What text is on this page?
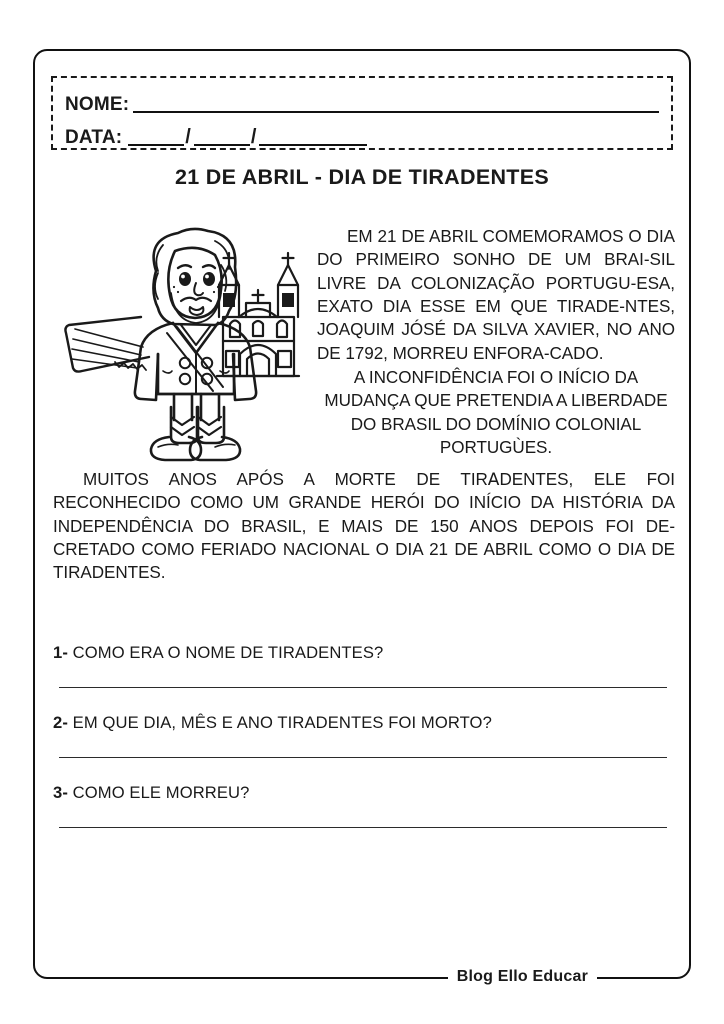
NOME:
DATA:	/	/
21 DE ABRIL - DIA DE TIRADENTES

EM 21 DE ABRIL COMEMORAMOS O DIA DO PRIMEIRO SONHO DE UM BRAI-SIL LIVRE DA COLONIZAÇÃO PORTUGU-ESA, EXATO DIA ESSE EM QUE TIRADE-NTES, JOAQUIM JÓSÉ DA SILVA XAVIER, NO ANO DE 1792, MORREU ENFORA-CADO.

A INCONFIDÊNCIA FOI O INÍCIO DA MUDANÇA QUE PRETENDIA A LIBERDADE DO BRASIL DO DOMÍNIO COLONIAL PORTUGÙES.

MUITOS ANOS APÓS A MORTE DE TIRꓮDENTES, ELE FOI RECONHECIDO COMO UM GRANDE HERÓI DO INÍCIO DA HISTÓRIA DA INDEPENDÊNCIA DO BRASIL, E MAIS DE 150 ANOS DEPOIS FOI DE-CRETADO COMO FERIADO NACIONAL O DIA 21 DE ABRIL COMO O DIA DE TIRADENTES.

1- COMO ERA O NOME DE TIRADENTES?

2- EM QUE DIA, MÊS E ANO TIRADENTES FOI MORTO?

3- COMO ELE MORREU?

Blog Ello Educar
